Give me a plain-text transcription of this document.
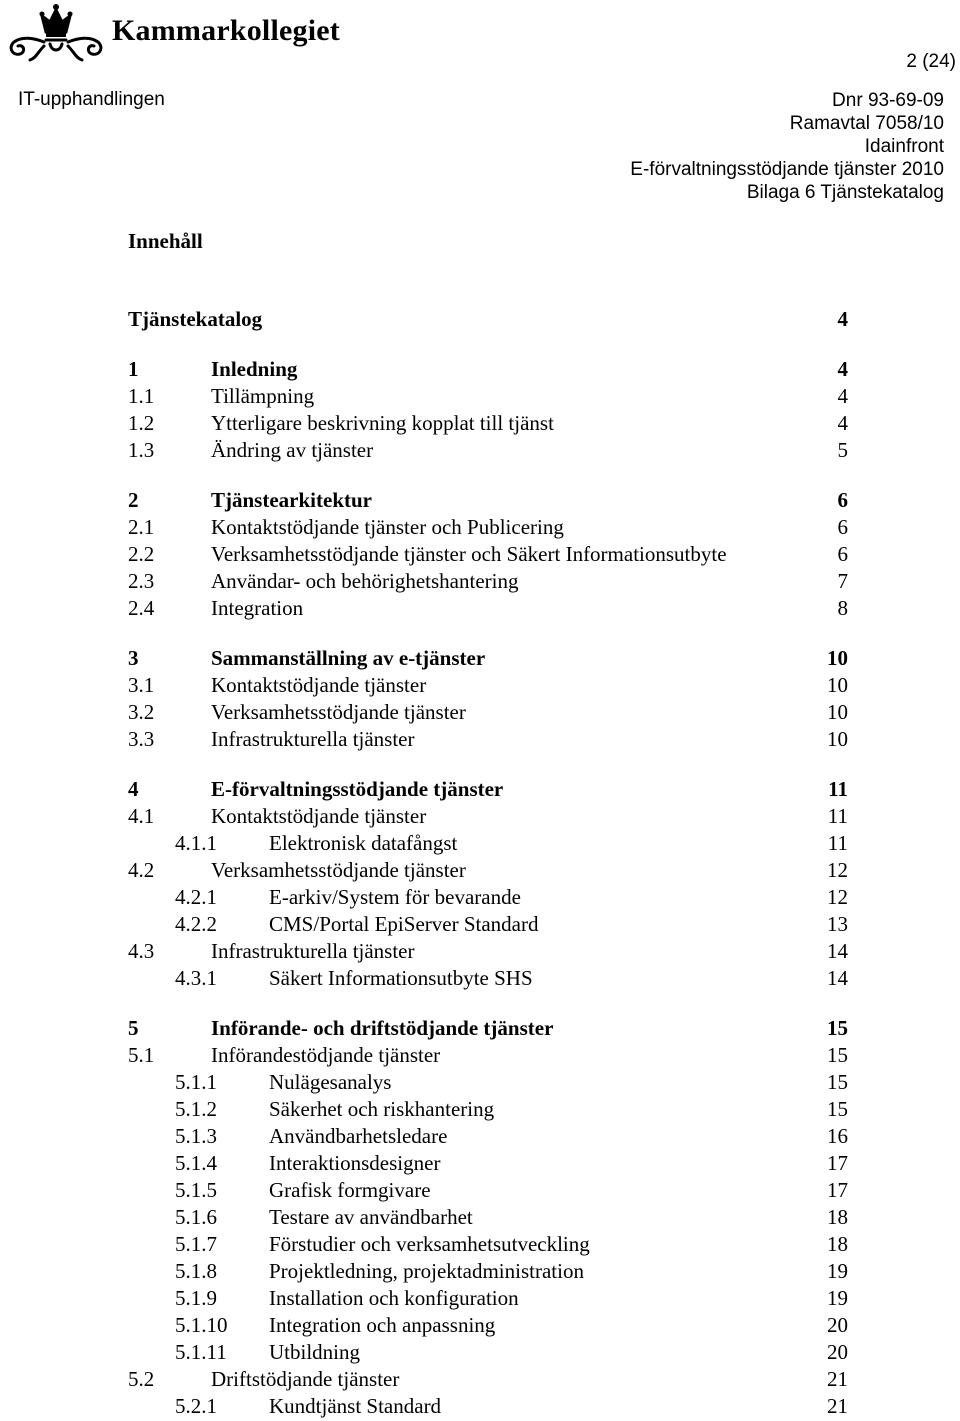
Kammarkollegiet
2 (24)
IT-upphandlingen	Dnr 93-69-09
Ramavtal 7058/10
Idainfront
E-förvaltningsstödjande tjänster 2010
Bilaga 6 Tjänstekatalog
Innehåll
Tjänstekatalog	4
1	Inledning	4
1.1	Tillämpning	4
1.2	Ytterligare beskrivning kopplat till tjänst	4
1.3	Ändring av tjänster	5
2	Tjänstearkitektur	6
2.1	Kontaktstödjande tjänster och Publicering	6
2.2	Verksamhetsstödjande tjänster och Säkert Informationsutbyte	6
2.3	Användar- och behörighetshantering	7
2.4	Integration	8
3	Sammanställning av e-tjänster	10
3.1	Kontaktstödjande tjänster	10
3.2	Verksamhetsstödjande tjänster	10
3.3	Infrastrukturella tjänster	10
4	E-förvaltningsstödjande tjänster	11
4.1	Kontaktstödjande tjänster	11
4.1.1 Elektronisk datafångst	11
4.2	Verksamhetsstödjande tjänster	12
4.2.1 E-arkiv/System för bevarande	12
4.2.2 CMS/Portal EpiServer Standard	13
4.3	Infrastrukturella tjänster	14
4.3.1 Säkert Informationsutbyte SHS	14
5	Införande- och driftstödjande tjänster	15
5.1	Införandestödjande tjänster	15
5.1.1 Nulägesanalys	15
5.1.2 Säkerhet och riskhantering	15
5.1.3 Användbarhetsledare	16
5.1.4 Interaktionsdesigner	17
5.1.5 Grafisk formgivare	17
5.1.6 Testare av användbarhet	18
5.1.7 Förstudier och verksamhetsutveckling	18
5.1.8 Projektledning, projektadministration	19
5.1.9 Installation och konfiguration	19
5.1.10 Integration och anpassning	20
5.1.11 Utbildning	20
5.2	Driftstödjande tjänster	21
5.2.1 Kundtjänst Standard	21
